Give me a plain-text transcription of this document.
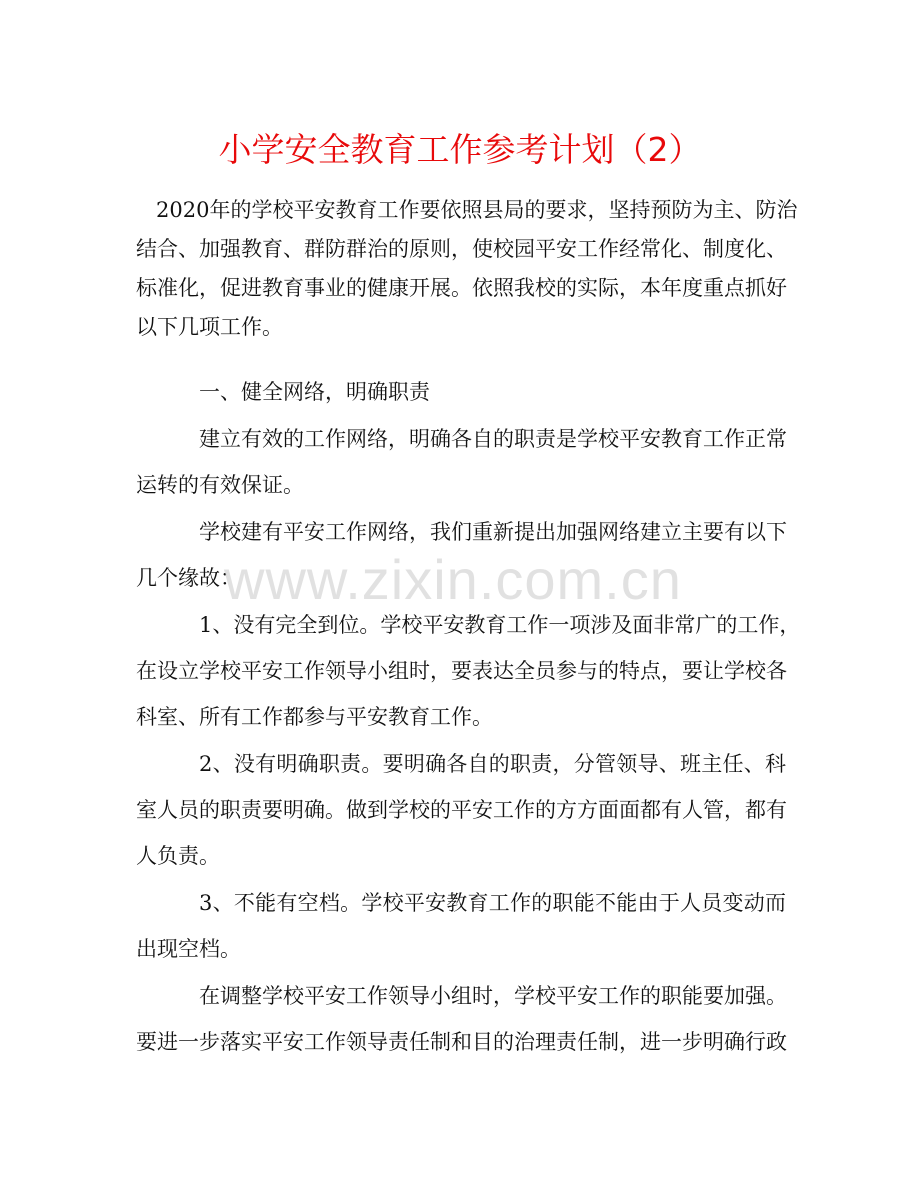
小学安全教育工作参考计划（2）
2020年的学校平安教育工作要依照县局的要求，坚持预防为主、防治
结合、加强教育、群防群治的原则，使校园平安工作经常化、制度化、
标准化，促进教育事业的健康开展。依照我校的实际，本年度重点抓好
以下几项工作。
一、健全网络，明确职责
建立有效的工作网络，明确各自的职责是学校平安教育工作正常
运转的有效保证。
学校建有平安工作网络，我们重新提出加强网络建立主要有以下
几个缘故：
1、没有完全到位。学校平安教育工作一项涉及面非常广的工作，
在设立学校平安工作领导小组时，要表达全员参与的特点，要让学校各
科室、所有工作都参与平安教育工作。
2、没有明确职责。要明确各自的职责，分管领导、班主任、科
室人员的职责要明确。做到学校的平安工作的方方面面都有人管，都有
人负责。
3、不能有空档。学校平安教育工作的职能不能由于人员变动而
出现空档。
在调整学校平安工作领导小组时，学校平安工作的职能要加强。
要进一步落实平安工作领导责任制和目的治理责任制，进一步明确行政
www.zixin.com.cn
